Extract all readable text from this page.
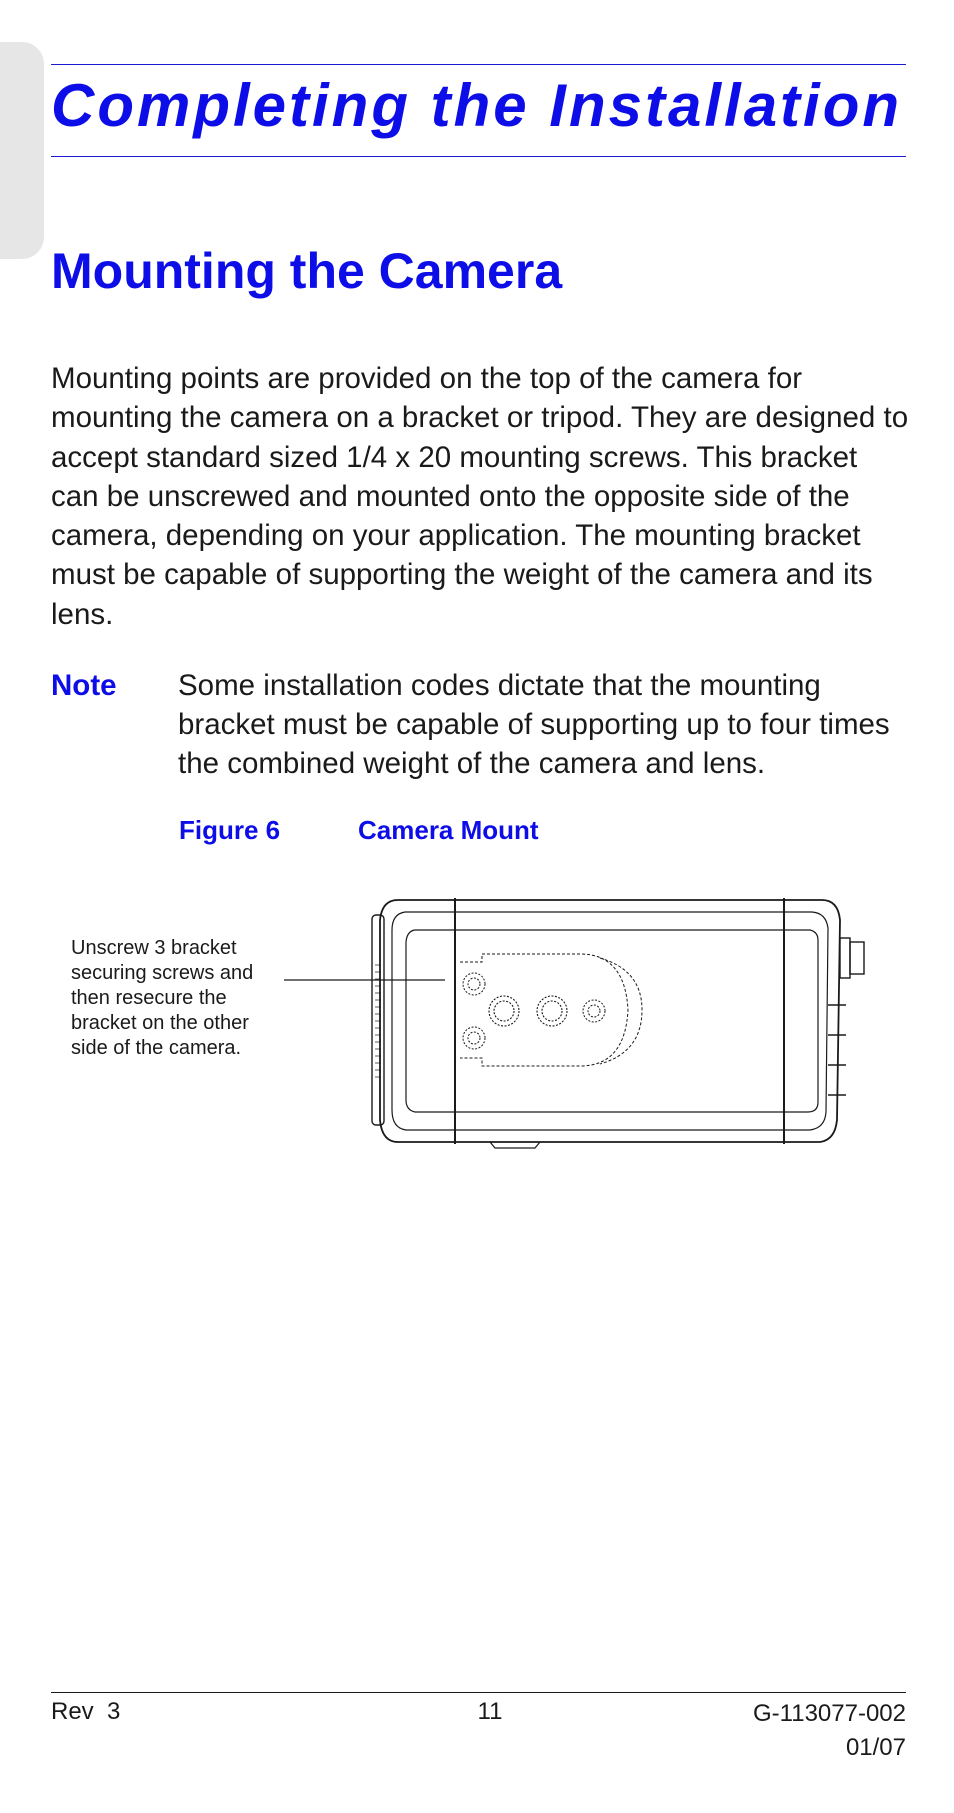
Completing the Installation
Mounting the Camera

Mounting points are provided on the top of the camera for mounting the camera on a bracket or tripod. They are designed to accept standard sized 1/4 x 20 mounting screws. This bracket can be unscrewed and mounted onto the opposite side of the camera, depending on your application. The mounting bracket must be capable of supporting the weight of the camera and its lens.

Note Some installation codes dictate that the mounting bracket must be capable of supporting up to four times the combined weight of the camera and lens.

Figure 6	Camera Mount

Unscrew 3 bracket securing screws and then resecure the bracket on the other side of the camera.

Rev  3	11	G-113077-002
01/07
